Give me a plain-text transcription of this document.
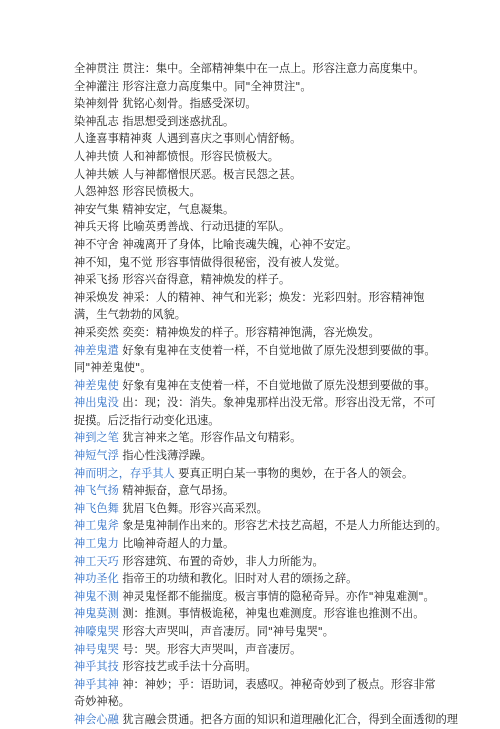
全神贯注 贯注：集中。全部精神集中在一点上。形容注意力高度集中。
全神灌注 形容注意力高度集中。同"全神贯注"。
染神刻骨 犹铭心刻骨。指感受深切。
染神乱志 指思想受到迷惑扰乱。
人逢喜事精神爽 人遇到喜庆之事则心情舒畅。
人神共愤 人和神都愤恨。形容民愤极大。
人神共嫉 人与神都憎恨厌恶。极言民怨之甚。
人怨神怒 形容民愤极大。
神安气集 精神安定，气息凝集。
神兵天将 比喻英勇善战、行动迅捷的军队。
神不守舍 神魂离开了身体，比喻丧魂失魄，心神不安定。
神不知，鬼不觉 形容事情做得很秘密，没有被人发觉。
神采飞扬 形容兴奋得意，精神焕发的样子。
神采焕发 神采：人的精神、神气和光彩；焕发：光彩四射。形容精神饱满，生气勃勃的风貌。
神采奕然 奕奕：精神焕发的样子。形容精神饱满，容光焕发。
神差鬼遣 好象有鬼神在支使着一样，不自觉地做了原先没想到要做的事。同"神差鬼使"。
神差鬼使 好象有鬼神在支使着一样，不自觉地做了原先没想到要做的事。
神出鬼没 出：现；没：消失。象神鬼那样出没无常。形容出没无常，不可捉摸。后泛指行动变化迅速。
神到之笔 犹言神来之笔。形容作品文句精彩。
神短气浮 指心性浅薄浮躁。
神而明之，存乎其人 要真正明白某一事物的奥妙，在于各人的领会。
神飞气扬 精神振奋，意气昂扬。
神飞色舞 犹眉飞色舞。形容兴高采烈。
神工鬼斧 象是鬼神制作出来的。形容艺术技艺高超，不是人力所能达到的。
神工鬼力 比喻神奇超人的力量。
神工天巧 形容建筑、布置的奇妙，非人力所能为。
神功圣化 指帝王的功绩和教化。旧时对人君的颂扬之辞。
神鬼不测 神灵鬼怪都不能揣度。极言事情的隐秘奇异。亦作"神鬼难测"。
神鬼莫测 测：推测。事情极诡秘，神鬼也难测度。形容谁也推测不出。
神嚎鬼哭 形容大声哭叫，声音凄厉。同"神号鬼哭"。
神号鬼哭 号：哭。形容大声哭叫，声音凄厉。
神乎其技 形容技艺或手法十分高明。
神乎其神 神：神妙；乎：语助词，表感叹。神秘奇妙到了极点。形容非常奇妙神秘。
神会心融 犹言融会贯通。把各方面的知识和道理融化汇合，得到全面透彻的理
